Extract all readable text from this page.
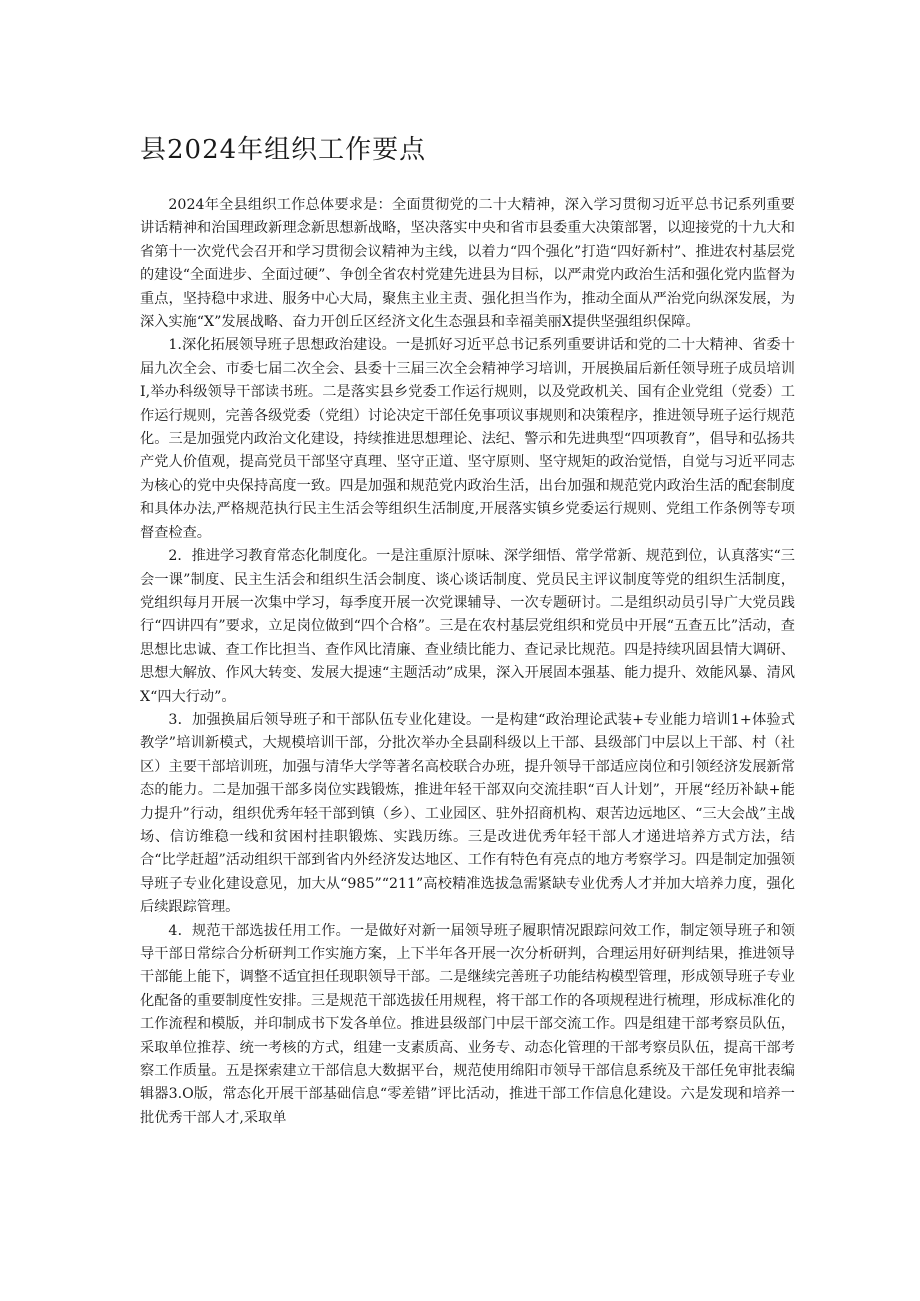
县2024年组织工作要点

2024年全县组织工作总体要求是：全面贯彻党的二十大精神，深入学习贯彻习近平总书记系列重要讲话精神和治国理政新理念新思想新战略，坚决落实中央和省市县委重大决策部署，以迎接党的十九大和省第十一次党代会召开和学习贯彻会议精神为主线，以着力“四个强化”打造“四好新村”、推进农村基层党的建设“全面进步、全面过硬”、争创全省农村党建先进县为目标，以严肃党内政治生活和强化党内监督为重点，坚持稳中求进、服务中心大局，聚焦主业主责、强化担当作为，推动全面从严治党向纵深发展，为深入实施“X”发展战略、奋力开创丘区经济文化生态强县和幸福美丽X提供坚强组织保障。

1.深化拓展领导班子思想政治建设。一是抓好习近平总书记系列重要讲话和党的二十大精神、省委十届九次全会、市委七届二次全会、县委十三届三次全会精神学习培训，开展换届后新任领导班子成员培训I,举办科级领导干部读书班。二是落实县乡党委工作运行规则，以及党政机关、国有企业党组（党委）工作运行规则，完善各级党委（党组）讨论决定干部任免事项议事规则和决策程序，推进领导班子运行规范化。三是加强党内政治文化建设，持续推进思想理论、法纪、警示和先进典型“四项教育”，倡导和弘扬共产党人价值观，提高党员干部坚守真理、坚守正道、坚守原则、坚守规矩的政治觉悟，自觉与习近平同志为核心的党中央保持高度一致。四是加强和规范党内政治生活，出台加强和规范党内政治生活的配套制度和具体办法,严格规范执行民主生活会等组织生活制度,开展落实镇乡党委运行规则、党组工作条例等专项督查检查。

2．推进学习教育常态化制度化。一是注重原汁原味、深学细悟、常学常新、规范到位，认真落实“三会一课”制度、民主生活会和组织生活会制度、谈心谈话制度、党员民主评议制度等党的组织生活制度，党组织每月开展一次集中学习，每季度开展一次党课辅导、一次专题研讨。二是组织动员引导广大党员践行“四讲四有”要求，立足岗位做到“四个合格”。三是在农村基层党组织和党员中开展“五查五比”活动，查思想比忠诚、查工作比担当、查作风比清廉、查业绩比能力、查记录比规范。四是持续巩固县情大调研、思想大解放、作风大转变、发展大提速“主题活动”成果，深入开展固本强基、能力提升、效能风暴、清风X“四大行动”。

3．加强换届后领导班子和干部队伍专业化建设。一是构建“政治理论武装+专业能力培训1+体验式教学”培训新模式，大规模培训干部，分批次举办全县副科级以上干部、县级部门中层以上干部、村（社区）主要干部培训班，加强与清华大学等著名高校联合办班，提升领导干部适应岗位和引领经济发展新常态的能力。二是加强干部多岗位实践锻炼，推进年轻干部双向交流挂职“百人计划”，开展“经历补缺+能力提升”行动，组织优秀年轻干部到镇（乡）、工业园区、驻外招商机构、艰苦边远地区、“三大会战”主战场、信访维稳一线和贫困村挂职锻炼、实践历练。三是改进优秀年轻干部人才递进培养方式方法，结合“比学赶超”活动组织干部到省内外经济发达地区、工作有特色有亮点的地方考察学习。四是制定加强领导班子专业化建设意见，加大从“985”“211”高校精准选拔急需紧缺专业优秀人才并加大培养力度，强化后续跟踪管理。

4．规范干部选拔任用工作。一是做好对新一届领导班子履职情况跟踪问效工作，制定领导班子和领导干部日常综合分析研判工作实施方案，上下半年各开展一次分析研判，合理运用好研判结果，推进领导干部能上能下，调整不适宜担任现职领导干部。二是继续完善班子功能结构模型管理，形成领导班子专业化配备的重要制度性安排。三是规范干部选拔任用规程，将干部工作的各项规程进行梳理，形成标准化的工作流程和模版，并印制成书下发各单位。推进县级部门中层干部交流工作。四是组建干部考察员队伍，采取单位推荐、统一考核的方式，组建一支素质高、业务专、动态化管理的干部考察员队伍，提高干部考察工作质量。五是探索建立干部信息大数据平台，规范使用绵阳市领导干部信息系统及干部任免审批表编辑器3.O版，常态化开展干部基础信息“零差错”评比活动，推进干部工作信息化建设。六是发现和培养一批优秀干部人才,采取单
